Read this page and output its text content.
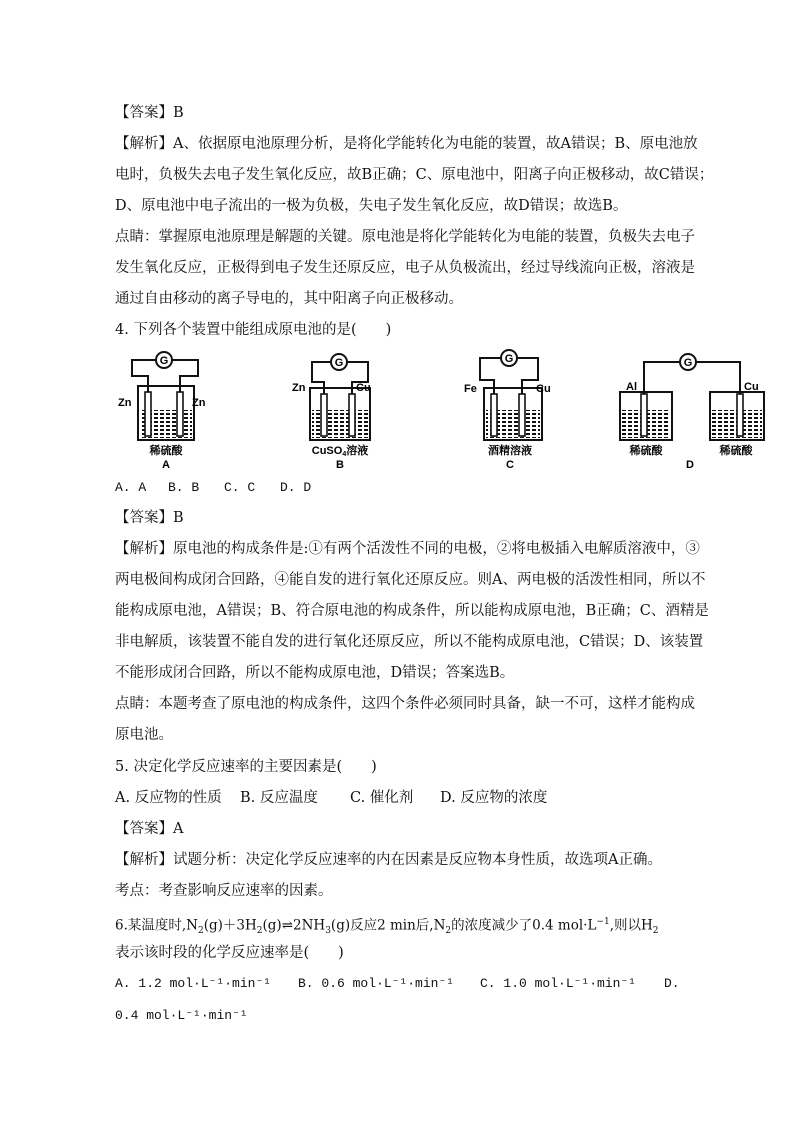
【答案】B
【解析】A、依据原电池原理分析，是将化学能转化为电能的装置，故A错误；B、原电池放
电时，负极失去电子发生氧化反应，故B正确；C、原电池中，阳离子向正极移动，故C错误；
D、原电池中电子流出的一极为负极，失电子发生氧化反应，故D错误；故选B。
点睛：掌握原电池原理是解题的关键。原电池是将化学能转化为电能的装置，负极失去电子
发生氧化反应，正极得到电子发生还原反应，电子从负极流出，经过导线流向正极，溶液是
通过自由移动的离子导电的，其中阳离子向正极移动。
4. 下列各个装置中能组成原电池的是(　　)
G
Zn	Zn
稀硫酸
A
G
Zn	Cu
CuSO4溶液
B
G
Fe	Cu
酒精溶液
C
G
Al	Cu
稀硫酸	稀硫酸
D
A. A B. B C. C D. D
【答案】B
【解析】原电池的构成条件是:①有两个活泼性不同的电极，②将电极插入电解质溶液中，③
两电极间构成闭合回路，④能自发的进行氧化还原反应。则A、两电极的活泼性相同，所以不
能构成原电池，A错误；B、符合原电池的构成条件，所以能构成原电池，B正确；C、酒精是
非电解质，该装置不能自发的进行氧化还原反应，所以不能构成原电池，C错误；D、该装置
不能形成闭合回路，所以不能构成原电池，D错误；答案选B。
点睛：本题考查了原电池的构成条件，这四个条件必须同时具备，缺一不可，这样才能构成
原电池。
5. 决定化学反应速率的主要因素是(　　)
A. 反应物的性质 B. 反应温度 C. 催化剂 D. 反应物的浓度
【答案】A
【解析】试题分析：决定化学反应速率的内在因素是反应物本身性质，故选项A正确。
考点：考查影响反应速率的因素。
6.某温度时$,N_2(g)+3H_2(g)\rightleftharpoons 2NH_3(g)$反应2 min后$,N_2$的浓度减少了0.4 $mol\cdot L^{-1}$,则以$H_2$
表示该时段的化学反应速率是(　　)
A. 1.2 mol·L⁻¹·min⁻¹ B. 0.6 mol·L⁻¹·min⁻¹ C. 1.0 mol·L⁻¹·min⁻¹ D.
0.4 mol·L⁻¹·min⁻¹
